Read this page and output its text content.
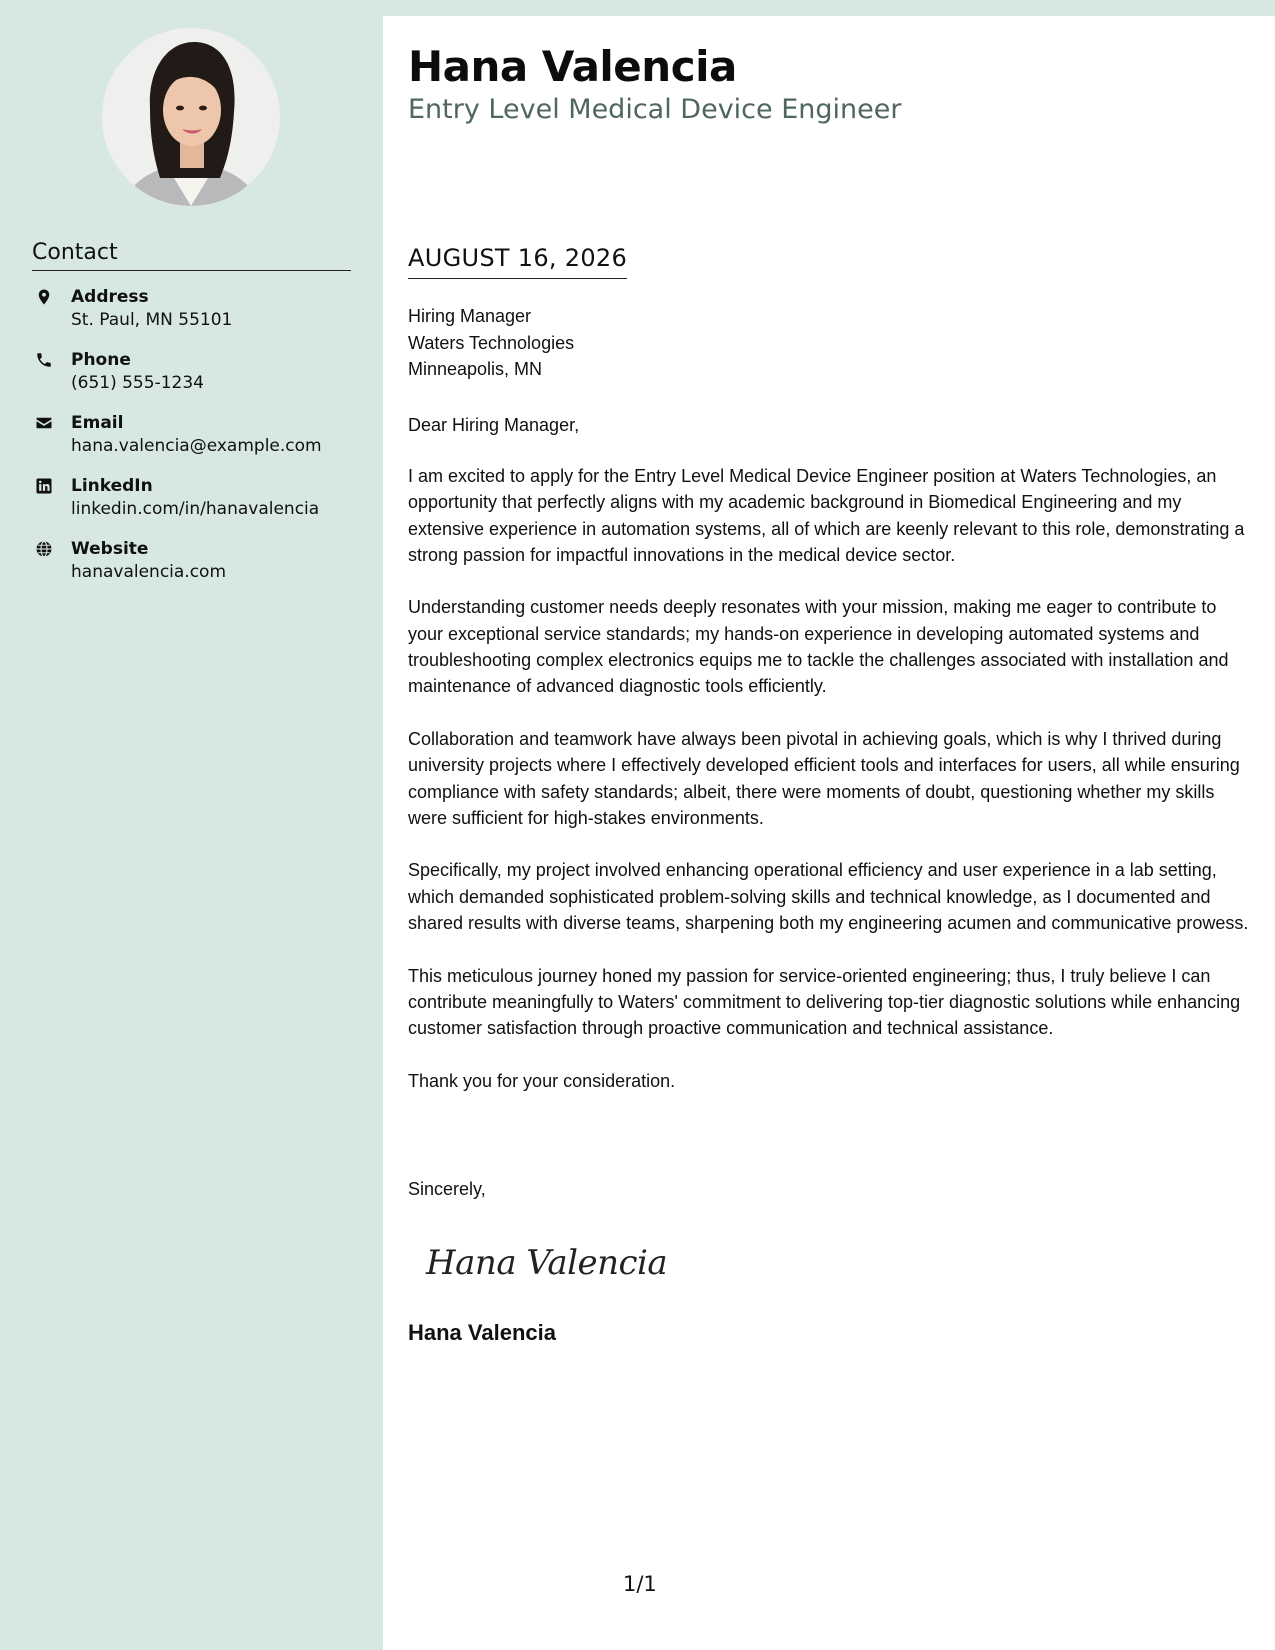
Contact
Address
St. Paul, MN 55101
Phone
(651) 555-1234
Email
hana.valencia@example.com
LinkedIn
linkedin.com/in/hanavalencia
Website
hanavalencia.com
Hana Valencia
Entry Level Medical Device Engineer
AUGUST 16, 2026
Hiring Manager
Waters Technologies
Minneapolis, MN
Dear Hiring Manager,

I am excited to apply for the Entry Level Medical Device Engineer position at Waters Technologies, an opportunity that perfectly aligns with my academic background in Biomedical Engineering and my extensive experience in automation systems, all of which are keenly relevant to this role, demonstrating a strong passion for impactful innovations in the medical device sector.

Understanding customer needs deeply resonates with your mission, making me eager to contribute to your exceptional service standards; my hands-on experience in developing automated systems and troubleshooting complex electronics equips me to tackle the challenges associated with installation and maintenance of advanced diagnostic tools efficiently.

Collaboration and teamwork have always been pivotal in achieving goals, which is why I thrived during university projects where I effectively developed efficient tools and interfaces for users, all while ensuring compliance with safety standards; albeit, there were moments of doubt, questioning whether my skills were sufficient for high-stakes environments.

Specifically, my project involved enhancing operational efficiency and user experience in a lab setting, which demanded sophisticated problem-solving skills and technical knowledge, as I documented and shared results with diverse teams, sharpening both my engineering acumen and communicative prowess.

This meticulous journey honed my passion for service-oriented engineering; thus, I truly believe I can contribute meaningfully to Waters' commitment to delivering top-tier diagnostic solutions while enhancing customer satisfaction through proactive communication and technical assistance.

Thank you for your consideration.

Sincerely,
Hana Valencia
Hana Valencia
1/1
